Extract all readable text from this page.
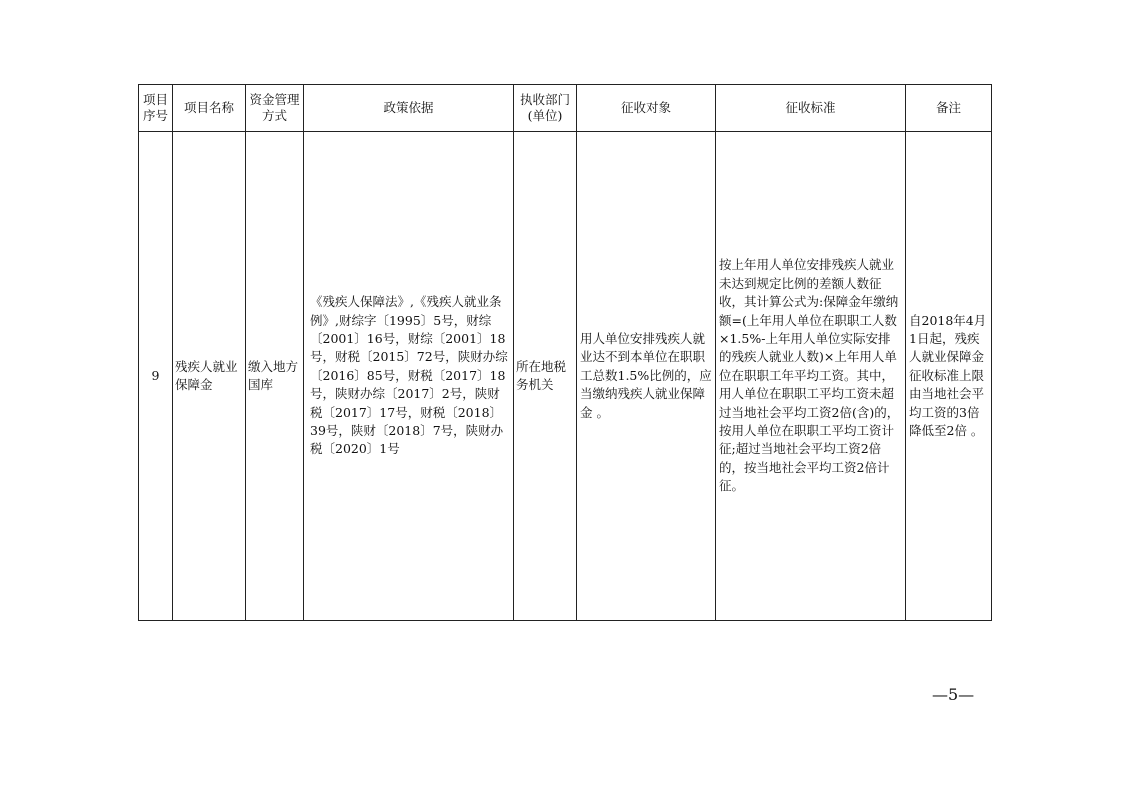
项目序号	项目名称	资金管理方式	政策依据	执收部门(单位)	征收对象	征收标准	备注
9	残疾人就业保障金	缴入地方国库	《残疾人保障法》,《残疾人就业条例》,财综字〔1995〕5号，财综〔2001〕16号，财综〔2001〕18号，财税〔2015〕72号，陕财办综〔2016〕85号，财税〔2017〕18号，陕财办综〔2017〕2号，陕财税〔2017〕17号，财税〔2018〕39号，陕财〔2018〕7号，陕财办税〔2020〕1号	所在地税务机关	用人单位安排残疾人就业达不到本单位在职职工总数1.5%比例的，应当缴纳残疾人就业保障金 。	按上年用人单位安排残疾人就业未达到规定比例的差额人数征收，其计算公式为:保障金年缴纳额=(上年用人单位在职职工人数×1.5%-上年用人单位实际安排的残疾人就业人数)×上年用人单位在职职工年平均工资。其中，用人单位在职职工平均工资未超过当地社会平均工资2倍(含)的，按用人单位在职职工平均工资计征;超过当地社会平均工资2倍的，按当地社会平均工资2倍计征。	自2018年4月1日起，残疾人就业保障金征收标准上限由当地社会平均工资的3倍降低至2倍 。
—5—
